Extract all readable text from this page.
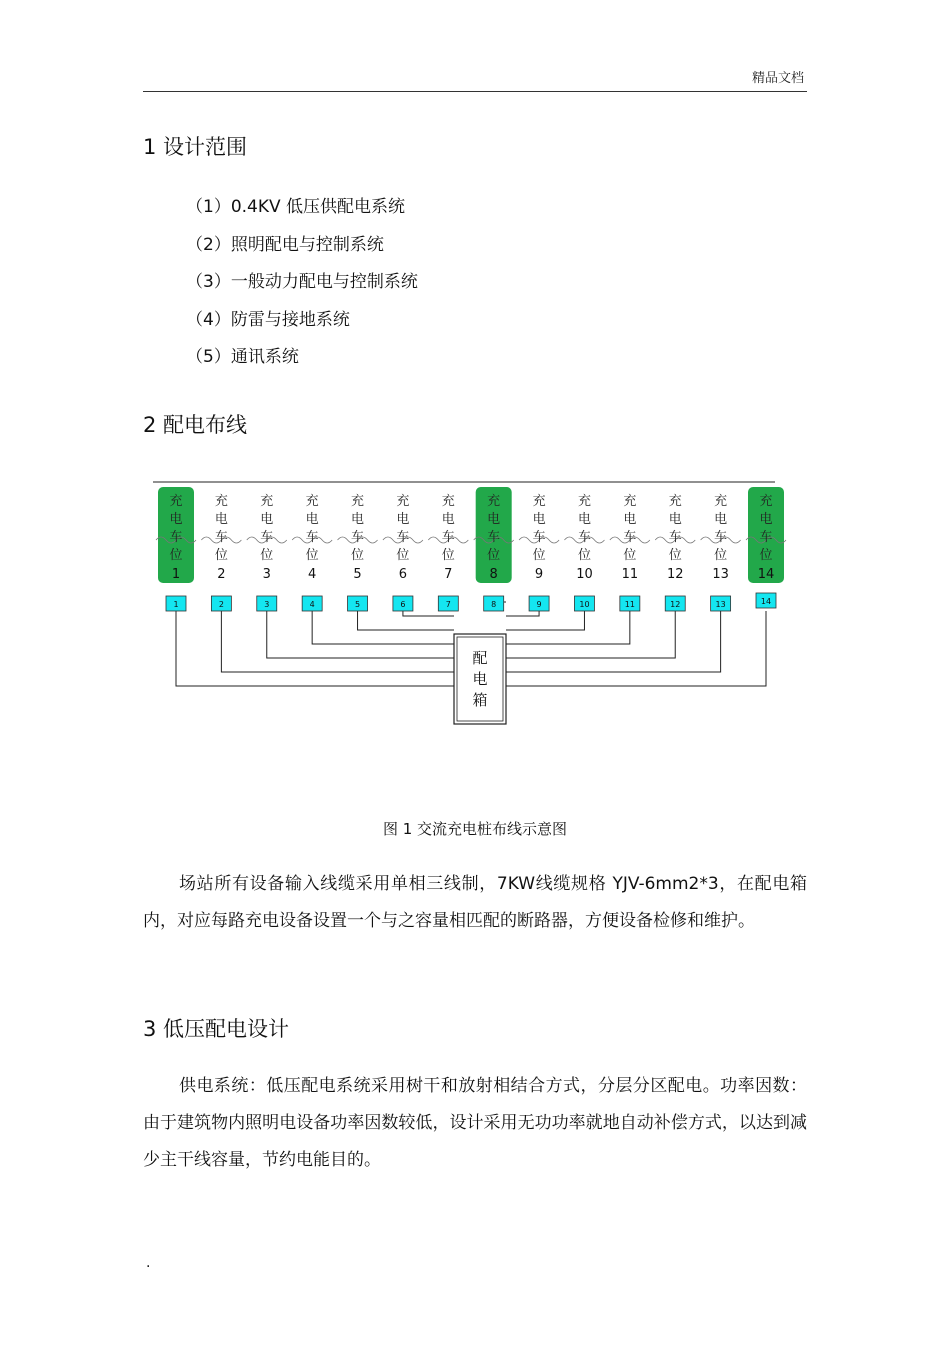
精品文档
1 设计范围
（1）0.4KV 低压供配电系统
（2）照明配电与控制系统
（3）一般动力配电与控制系统
（4）防雷与接地系统
（5）通讯系统
2 配电布线
充
电
车
位
1
充
电
车
位
2
充
电
车
位
3
充
电
车
位
4
充
电
车
位
5
充
电
车
位
6
充
电
车
位
7
充
电
车
位
8
充
电
车
位
9
充
电
车
位
10
充
电
车
位
11
充
电
车
位
12
充
电
车
位
13
充
电
车
位
14
配
电
箱
1	2	3	4	5	6	7	8	9	10	11	12	13	14
图 1 交流充电桩布线示意图

场站所有设备输入线缆采用单相三线制，7KW线缆规格 YJV-6mm2*3，在配电箱内，对应每路充电设备设置一个与之容量相匹配的断路器，方便设备检修和维护。

3 低压配电设计

供电系统：低压配电系统采用树干和放射相结合方式，分层分区配电。功率因数：由于建筑物内照明电设备功率因数较低，设计采用无功功率就地自动补偿方式，以达到减少主干线容量，节约电能目的。

.
